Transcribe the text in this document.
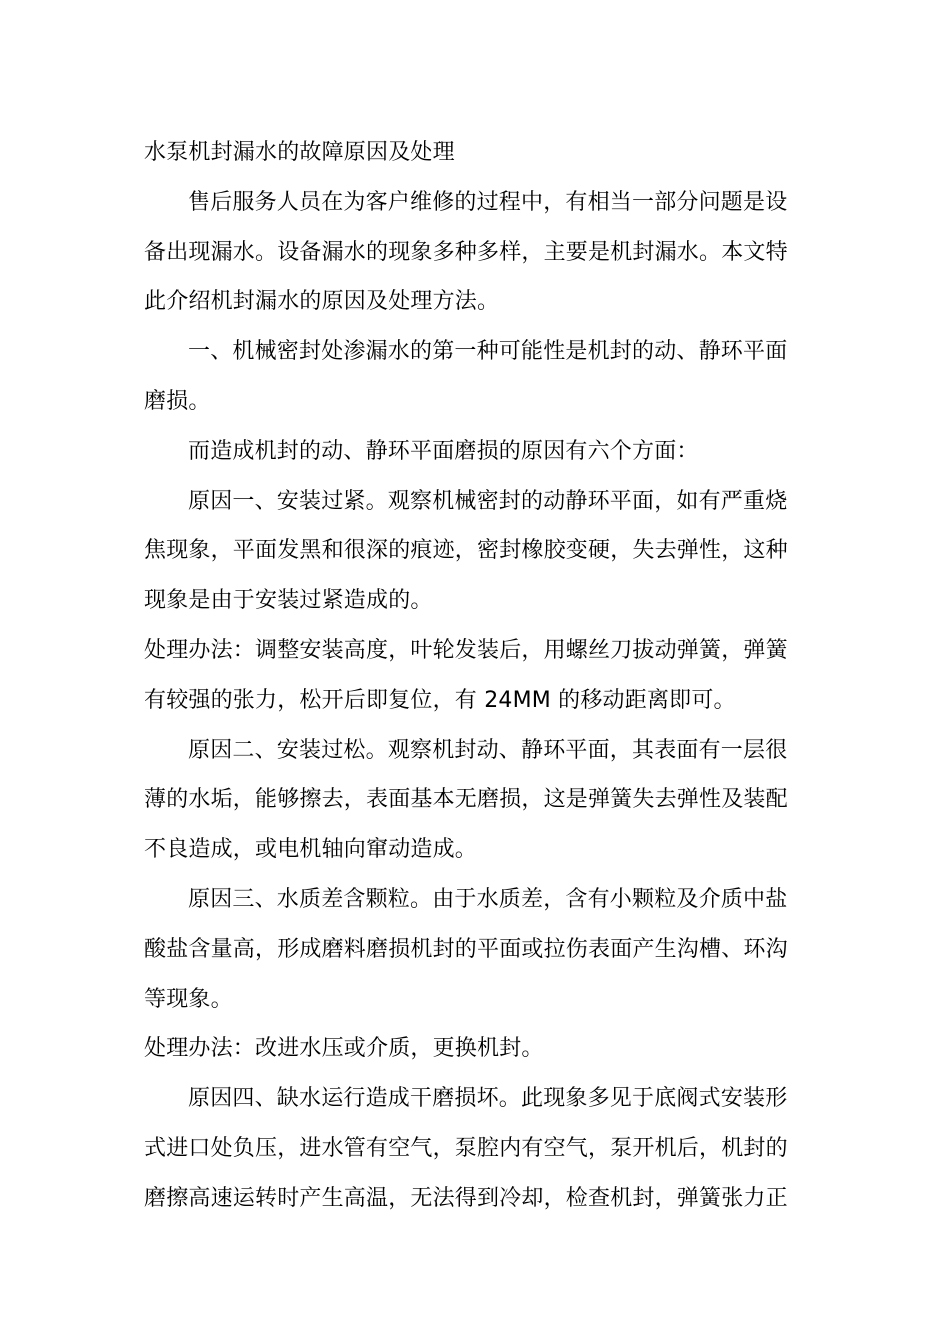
水泵机封漏水的故障原因及处理
售后服务人员在为客户维修的过程中，有相当一部分问题是设
备出现漏水。设备漏水的现象多种多样，主要是机封漏水。本文特
此介绍机封漏水的原因及处理方法。
一、机械密封处渗漏水的第一种可能性是机封的动、静环平面
磨损。
而造成机封的动、静环平面磨损的原因有六个方面：
原因一、安装过紧。观察机械密封的动静环平面，如有严重烧
焦现象，平面发黑和很深的痕迹，密封橡胶变硬，失去弹性，这种
现象是由于安装过紧造成的。
处理办法：调整安装高度，叶轮发装后，用螺丝刀拔动弹簧，弹簧
有较强的张力，松开后即复位，有 24MM 的移动距离即可。
原因二、安装过松。观察机封动、静环平面，其表面有一层很
薄的水垢，能够擦去，表面基本无磨损，这是弹簧失去弹性及装配
不良造成，或电机轴向窜动造成。
原因三、水质差含颗粒。由于水质差，含有小颗粒及介质中盐
酸盐含量高，形成磨料磨损机封的平面或拉伤表面产生沟槽、环沟
等现象。
处理办法：改进水压或介质，更换机封。
原因四、缺水运行造成干磨损坏。此现象多见于底阀式安装形
式进口处负压，进水管有空气，泵腔内有空气，泵开机后，机封的
磨擦高速运转时产生高温，无法得到冷却，检查机封，弹簧张力正
